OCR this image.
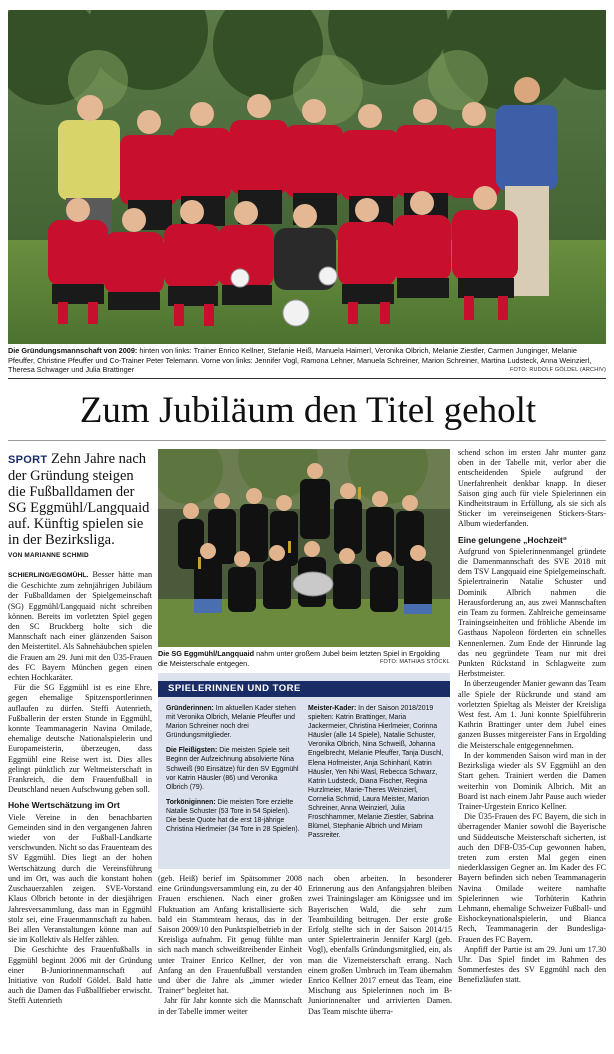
Die Gründungsmannschaft von 2009: hinten von links: Trainer Enrico Kellner, Stefanie Heiß, Manuela Haimerl, Veronika Olbrich, Melanie Ziestler, Carmen Junginger, Melanie Pfeuffer, Christine Pfeuffer und Co-Trainer Peter Telemann. Vorne von links: Jennifer Vogl, Ramona Lehner, Manuela Schreiner, Marion Schreiner, Martina Ludsteck, Anna Weinzierl, Theresa Schwager und Julia Brattinger	FOTO: RUDOLF GÖLDEL (ARCHIV)
Zum Jubiläum den Titel geholt
SPORT Zehn Jahre nach der Gründung steigen die Fußballdamen der SG Eggmühl/Langquaid auf. Künftig spielen sie in der Bezirksliga.
VON MARIANNE SCHMID

SCHIERLING/EGGMÜHL. Besser hätte man die Geschichte zum zehnjährigen Jubiläum der Fußballdamen der Spielgemeinschaft (SG) Eggmühl/Langquaid nicht schreiben können. Bereits im vorletzten Spiel gegen den SC Bruckberg holte sich die Mannschaft nach einer glänzenden Saison den Meistertitel. Als Sahnehäubchen spielen die Frauen am 29. Juni mit den Ü35-Frauen des FC Bayern München gegen einen echten Hochkaräter.

Für die SG Eggmühl ist es eine Ehre, gegen ehemalige Spitzensportlerinnen auflaufen zu dürfen. Steffi Autenrieth, Fußballerin der ersten Stunde in Eggmühl, konnte Teammanagerin Navina Omilade, ehemalige deutsche Nationalspielerin und Europameisterin, überzeugen, dass Eggmühl eine Reise wert ist. Dies alles gelingt pünktlich zur Weltmeisterschaft in Frankreich, die dem Frauenfußball in Deutschland neuen Aufschwung geben soll.

Hohe Wertschätzung im Ort

Viele Vereine in den benachbarten Gemeinden sind in den vergangenen Jahren wieder von der Fußball-Landkarte verschwunden. Nicht so das Frauenteam des SV Eggmühl. Dies liegt an der hohen Wertschätzung durch die Vereinsführung und im Ort, was auch die konstant hohen Zuschauerzahlen zeigen. SVE-Vorstand Klaus Olbrich betonte in der diesjährigen Jahresversammlung, dass man in Eggmühl stolz sei, eine Frauenmannschaft zu haben. Bei allen Veranstaltungen könne man auf sie im Kollektiv als Helfer zählen.

Die Geschichte des Frauenfußballs in Eggmühl beginnt 2006 mit der Gründung einer B-Juniorinnenmannschaft auf Initiative von Rudolf Göldel. Bald hatte auch die Damen das Fußballfieber erwischt. Steffi Autenrieth

Die SG Eggmühl/Langquaid nahm unter großem Jubel beim letzten Spiel in Ergolding die Meisterschale entgegen.	FOTO: MATHIAS STÖCKL
SPIELERINNEN UND TORE

Gründerinnen: Im aktuellen Kader stehen mit Veronika Olbrich, Melanie Pfeuffer und Marion Schreiner noch drei Gründungsmitglieder.

Die Fleißigsten: Die meisten Spiele seit Beginn der Aufzeichnung absolvierte Nina Schweiß (90 Einsätze) für den SV Eggmühl vor Katrin Häusler (86) und Veronika Olbrich (79).

Torköniginnen: Die meisten Tore erzielte Natalie Schuster (53 Tore in 54 Spielen). Die beste Quote hat die erst 18-jährige Christina Hierlmeier (34 Tore in 28 Spielen).

Meister-Kader: In der Saison 2018/2019 spielten: Katrin Brattinger, Maria Jackermeier, Christina Hierlmeier, Corinna Häusler (alle 14 Spiele), Natalie Schuster, Veronika Olbrich, Nina Schweiß, Johanna Engelbrecht, Melanie Pfeuffer, Tanja Duschl, Elena Hofmeister, Anja Schinhanl, Katrin Häusler, Yen Nhi Wasl, Rebecca Schwarz, Katrin Ludsteck, Diana Fischer, Regina Hurzlmeier, Marie-Theres Weinzierl, Cornelia Schmid, Laura Meister, Marion Schreiner, Anna Weinzierl, Julia Froschhammer, Melanie Ziestler, Sabrina Blümel, Stephanie Albrich und Miriam Passreiter.

(geb. Heiß) berief im Spätsommer 2008 eine Gründungsversammlung ein, zu der 40 Frauen erschienen. Nach einer großen Fluktuation am Anfang kristallisierte sich bald ein Stammteam heraus, das in der Saison 2009/10 den Punktspielbetrieb in der Kreisliga aufnahm. Fit genug fühlte man sich nach manch schweißtreibender Einheit unter Trainer Enrico Kellner, der von Anfang an den Frauenfußball verstanden und über die Jahre als „immer wieder Trainer“ begleitet hat.

Jahr für Jahr konnte sich die Mannschaft in der Tabelle immer weiter

nach oben arbeiten. In besonderer Erinnerung aus den Anfangsjahren bleiben zwei Trainingslager am Königssee und im Bayerischen Wald, die sehr zum Teambuilding beitrugen. Der erste große Erfolg stellte sich in der Saison 2014/15 unter Spielertrainerin Jennifer Kargl (geb. Vogl), ebenfalls Gründungsmitglied, ein, als man die Vizemeisterschaft errang. Nach einem großen Umbruch im Team übernahm Enrico Kellner 2017 erneut das Team, eine Mischung aus Spielerinnen noch im B-Juniorinnenalter und arrivierten Damen. Das Team mischte überra-

schend schon im ersten Jahr munter ganz oben in der Tabelle mit, verlor aber die entscheidenden Spiele aufgrund der Unerfahrenheit denkbar knapp. In dieser Saison ging auch für viele Spielerinnen ein Kindheitstraum in Erfüllung, als sie sich als Sticker im vereinseigenen Stickers-Stars-Album wiederfanden.

Eine gelungene „Hochzeit“

Aufgrund von Spielerinnenmangel gründete die Damenmannschaft des SVE 2018 mit dem TSV Langquaid eine Spielgemeinschaft. Spielertrainerin Natalie Schuster und Dominik Albrich nahmen die Herausforderung an, aus zwei Mannschaften ein Team zu formen. Zahlreiche gemeinsame Trainingseinheiten und fröhliche Abende im Gasthaus Napoleon förderten ein schnelles Kennenlernen. Zum Ende der Hinrunde lag das neu gegründete Team nur mit drei Punkten Rückstand in Schlagweite zum Herbstmeister.

In überzeugender Manier gewann das Team alle Spiele der Rückrunde und stand am vorletzten Spieltag als Meister der Kreisliga West fest. Am 1. Juni konnte Spielführerin Kathrin Brattinger unter dem Jubel eines ganzen Busses mitgereister Fans in Ergolding die Meisterschale entgegennehmen.

In der kommenden Saison wird man in der Bezirksliga wieder als SV Eggmühl an den Start gehen. Trainiert werden die Damen weiterhin von Dominik Albrich. Mit an Board ist nach einem Jahr Pause auch wieder Trainer-Urgestein Enrico Kellner.

Die Ü35-Frauen des FC Bayern, die sich in überragender Manier sowohl die Bayerische und Süddeutsche Meisterschaft sicherten, ist auch den DFB-Ü35-Cup gewonnen haben, treten zum ersten Mal gegen einen niederklassigen Gegner an. Im Kader des FC Bayern befinden sich neben Teammanagerin Navina Omilade weitere namhafte Spielerinnen wie Torhüterin Kathrin Lehmann, ehemalige Schweizer Fußball- und Eishockeynationalspielerin, und Bianca Rech, Teammanagerin der Bundesliga-Frauen des FC Bayern.

Anpfiff der Partie ist am 29. Juni um 17.30 Uhr. Das Spiel findet im Rahmen des Sommerfestes des SV Eggmühl nach den Benefizläufen statt.
